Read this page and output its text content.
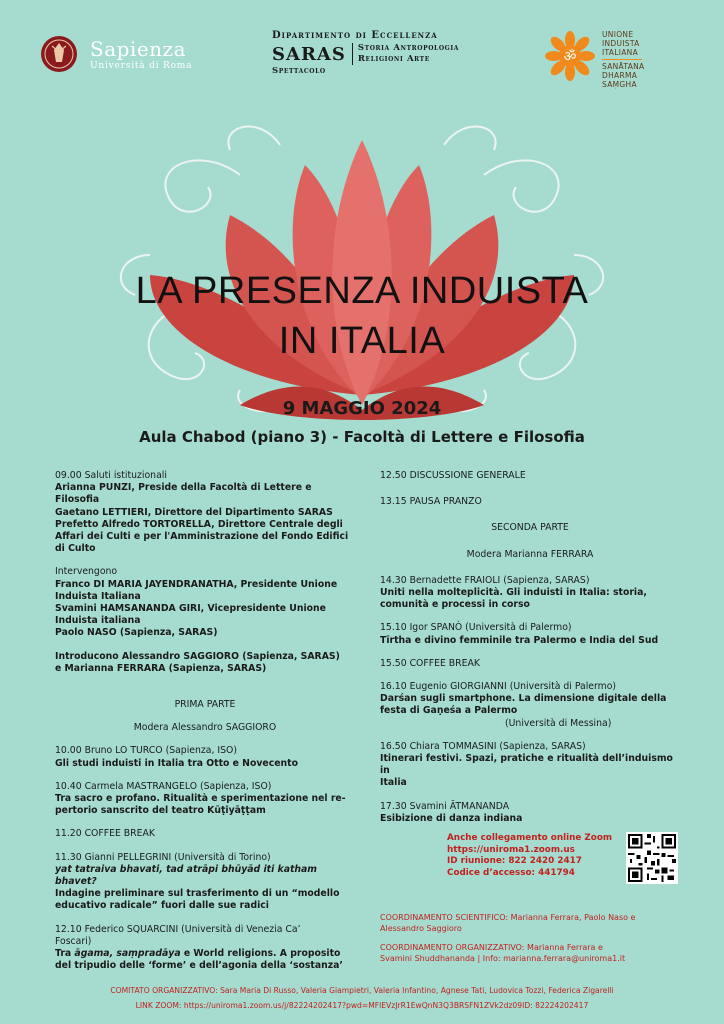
Sapienza
Università di Roma
Dipartimento di Eccellenza
SARAS	Storia Antropologia
Religioni Arte
Spettacolo
ॐ
UNIONE
INDUISTA
ITALIANA
SANĀTANA
DHARMA
SAṂGHA
LA PRESENZA INDUISTA
IN ITALIA
9 MAGGIO 2024
Aula Chabod (piano 3) - Facoltà di Lettere e Filosofia
09.00 Saluti istituzionali
Arianna PUNZI, Preside della Facoltà di Lettere e Filosofia
Gaetano LETTIERI, Direttore del Dipartimento SARAS
Prefetto Alfredo TORTORELLA, Direttore Centrale degli
Affari dei Culti e per l'Amministrazione del Fondo Edifici
di Culto
Intervengono
Franco DI MARIA JAYENDRANATHA, Presidente Unione
Induista Italiana
Svamini HAMSANANDA GIRI, Vicepresidente Unione
Induista italiana
Paolo NASO (Sapienza, SARAS)
Introducono Alessandro SAGGIORO (Sapienza, SARAS)
e Marianna FERRARA (Sapienza, SARAS)
PRIMA PARTE
Modera Alessandro SAGGIORO
10.00 Bruno LO TURCO (Sapienza, ISO)
Gli studi induisti in Italia tra Otto e Novecento
10.40 Carmela MASTRANGELO (Sapienza, ISO)
Tra sacro e profano. Ritualità e sperimentazione nel re-
pertorio sanscrito del teatro Kūṭiyāṭṭam
11.20 COFFEE BREAK
11.30 Gianni PELLEGRINI (Università di Torino)
yat tatraiva bhavati, tad atrāpi bhūyād iti katham bhavet?
Indagine preliminare sul trasferimento di un “modello
educativo radicale” fuori dalle sue radici
12.10 Federico SQUARCINI (Università di Venezia Ca’
Foscari)
Tra āgama, saṃpradāya e World religions. A proposito
del tripudio delle ‘forme’ e dell’agonia della ‘sostanza’
12.50 DISCUSSIONE GENERALE
13.15 PAUSA PRANZO
SECONDA PARTE
Modera Marianna FERRARA
14.30 Bernadette FRAIOLI (Sapienza, SARAS)
Uniti nella molteplicità. Gli induisti in Italia: storia,
comunità e processi in corso
15.10 Igor SPANÒ (Università di Palermo)
Tīrtha e divino femminile tra Palermo e India del Sud
15.50 COFFEE BREAK
16.10 Eugenio GIORGIANNI (Università di Palermo)
Darśan sugli smartphone. La dimensione digitale della
festa di Gaṇeśa a Palermo
(Università di Messina)
16.50 Chiara TOMMASINI (Sapienza, SARAS)
Itinerari festivi. Spazi, pratiche e ritualità dell’induismo in
Italia
17.30 Svamini ĀTMANANDA
Esibizione di danza indiana
Anche collegamento online Zoom
https://uniroma1.zoom.us
ID riunione: 822 2420 2417
Codice d’accesso: 441794
COORDINAMENTO SCIENTIFICO: Marianna Ferrara, Paolo Naso e
Alessandro Saggioro
COORDINAMENTO ORGANIZZATIVO: Marianna Ferrara e
Svamini Shuddhananda | Info: marianna.ferrara@uniroma1.it
COMITATO ORGANIZZATIVO: Sara Maria Di Russo, Valeria Giampietri, Valeria Infantino, Agnese Tati, Ludovica Tozzi, Federica Zigarelli
LINK ZOOM: https://uniroma1.zoom.us/j/82224202417?pwd=MFlEVzJrR1EwQnN3Q3BRSFN1ZVk2dz09ID: 82224202417
